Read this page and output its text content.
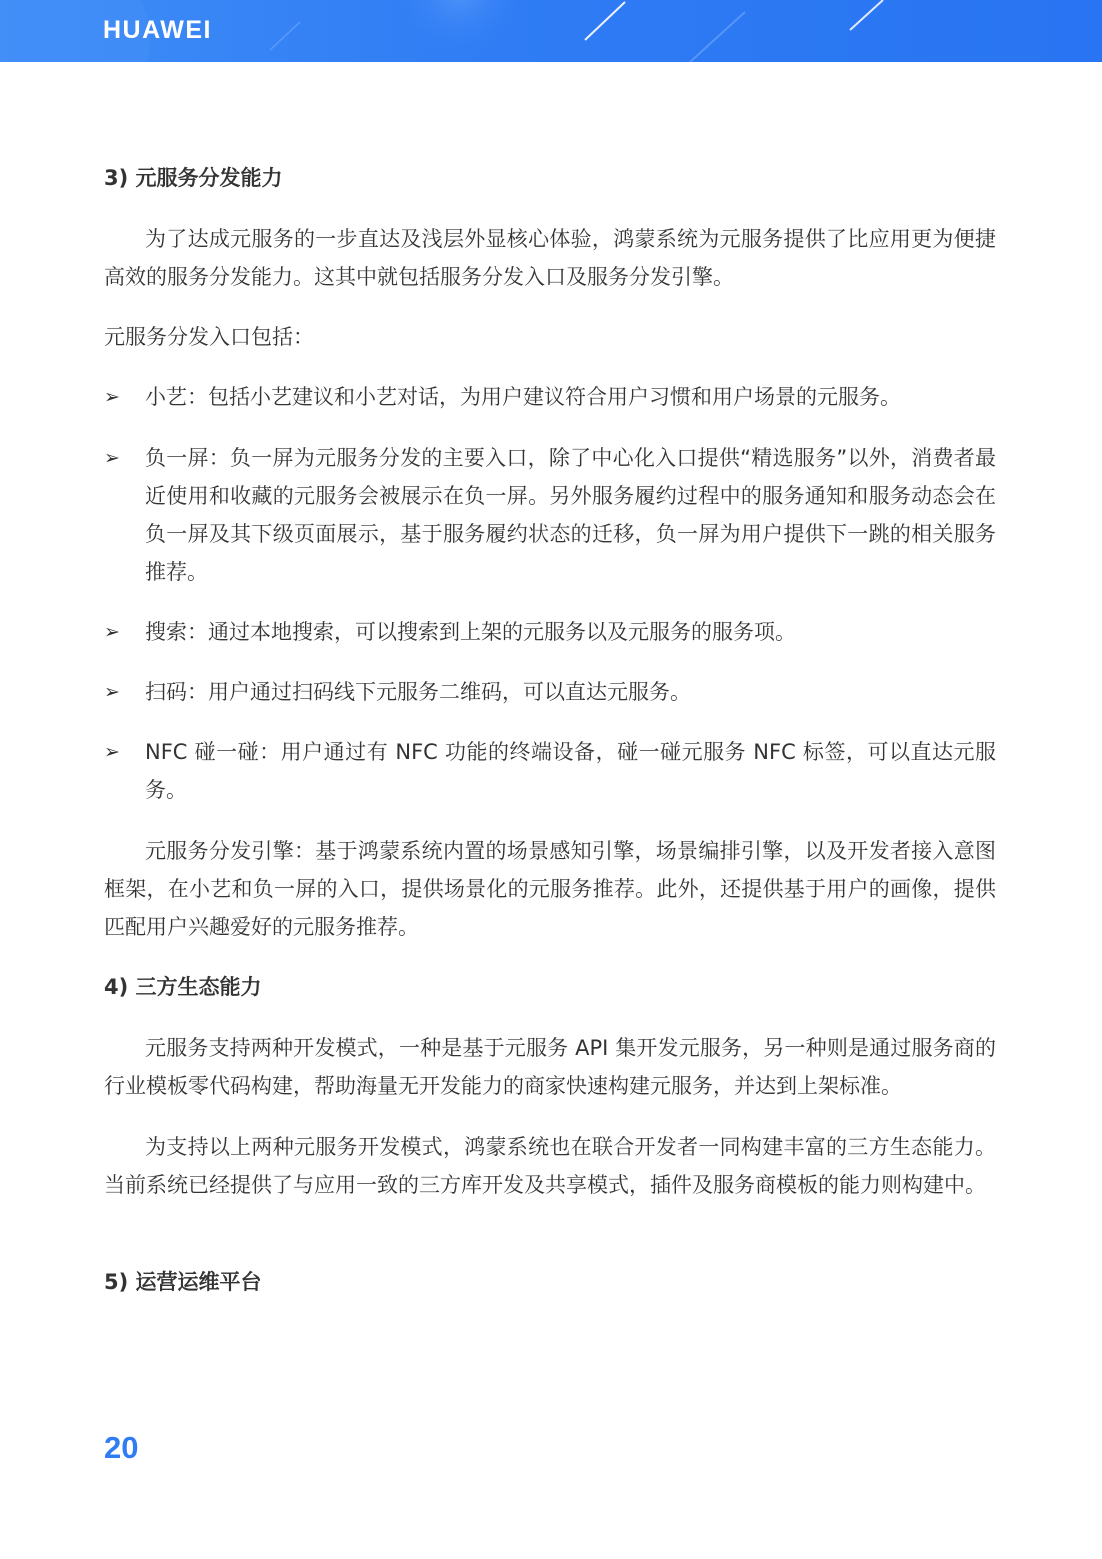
HUAWEI
3) 元服务分发能力

为了达成元服务的一步直达及浅层外显核心体验，鸿蒙系统为元服务提供了比应用更为便捷高效的服务分发能力。这其中就包括服务分发入口及服务分发引擎。

元服务分发入口包括：

➢ 小艺：包括小艺建议和小艺对话，为用户建议符合用户习惯和用户场景的元服务。
➢ 负一屏：负一屏为元服务分发的主要入口，除了中心化入口提供“精选服务”以外，消费者最近使用和收藏的元服务会被展示在负一屏。另外服务履约过程中的服务通知和服务动态会在负一屏及其下级页面展示，基于服务履约状态的迁移，负一屏为用户提供下一跳的相关服务推荐。
➢ 搜索：通过本地搜索，可以搜索到上架的元服务以及元服务的服务项。
➢ 扫码：用户通过扫码线下元服务二维码，可以直达元服务。
➢ NFC 碰一碰：用户通过有 NFC 功能的终端设备，碰一碰元服务 NFC 标签，可以直达元服务。

元服务分发引擎：基于鸿蒙系统内置的场景感知引擎，场景编排引擎，以及开发者接入意图框架，在小艺和负一屏的入口，提供场景化的元服务推荐。此外，还提供基于用户的画像，提供匹配用户兴趣爱好的元服务推荐。

4) 三方生态能力

元服务支持两种开发模式，一种是基于元服务 API 集开发元服务，另一种则是通过服务商的行业模板零代码构建，帮助海量无开发能力的商家快速构建元服务，并达到上架标准。

为支持以上两种元服务开发模式，鸿蒙系统也在联合开发者一同构建丰富的三方生态能力。当前系统已经提供了与应用一致的三方库开发及共享模式，插件及服务商模板的能力则构建中。

5) 运营运维平台
20
